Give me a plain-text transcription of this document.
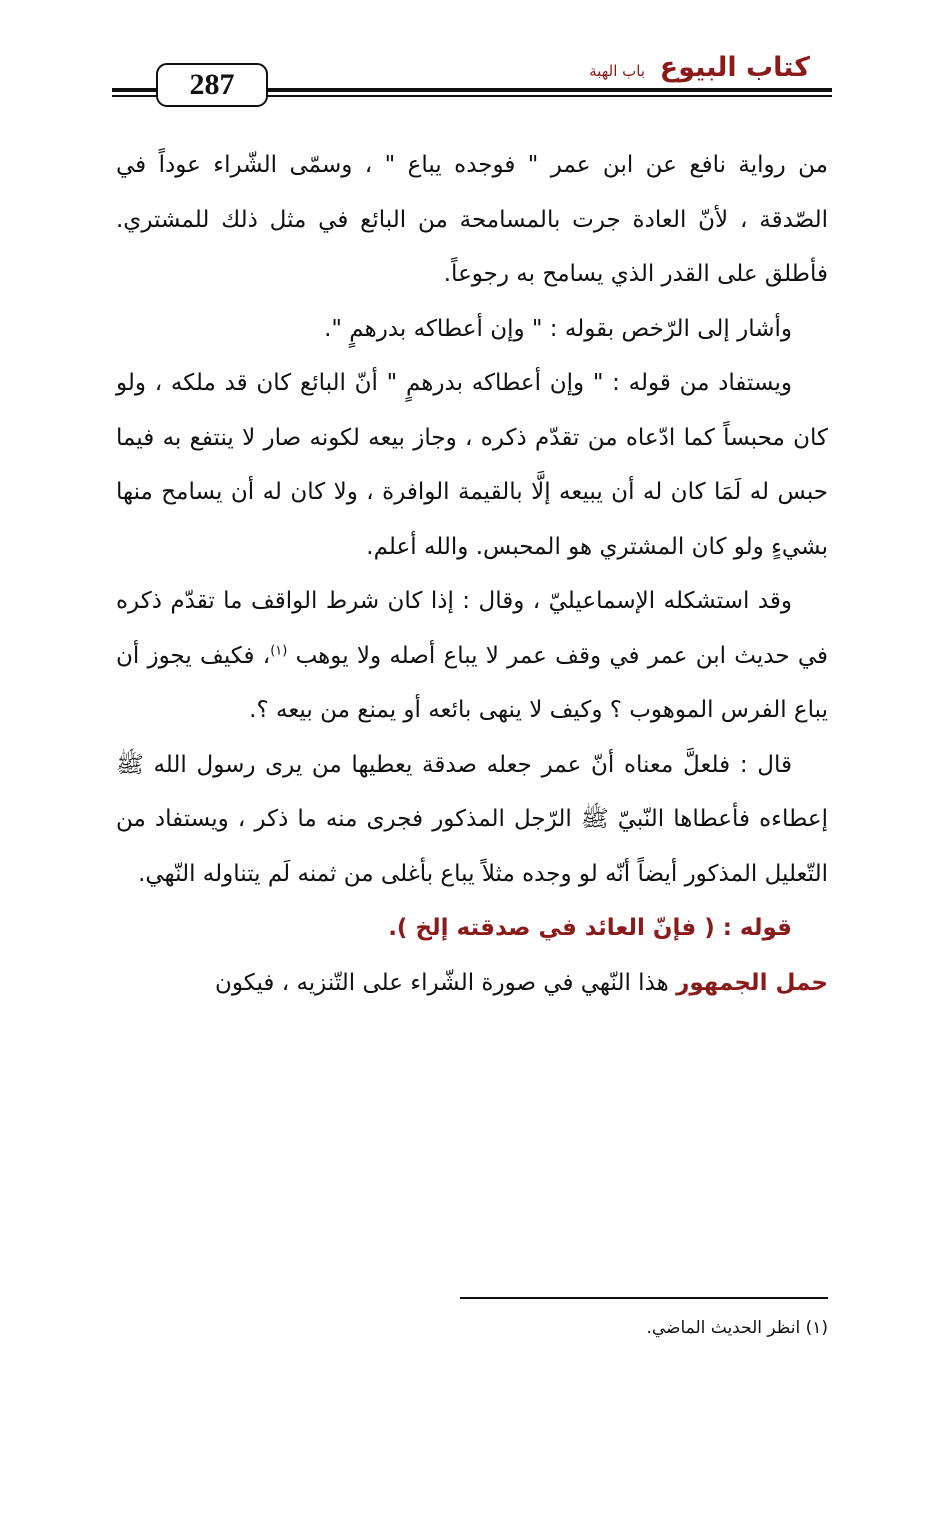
287
كتاب البيوع
باب الهبة

من رواية نافع عن ابن عمر " فوجده يباع " ، وسمّى الشّراء عوداً في الصّدقة ، لأنّ العادة جرت بالمسامحة من البائع في مثل ذلك للمشتري. فأطلق على القدر الذي يسامح به رجوعاً.

وأشار إلى الرّخص بقوله : " وإن أعطاكه بدرهمٍ ".

ويستفاد من قوله : " وإن أعطاكه بدرهمٍ " أنّ البائع كان قد ملكه ، ولو كان محبساً كما ادّعاه من تقدّم ذكره ، وجاز بيعه لكونه صار لا ينتفع به فيما حبس له لَمَا كان له أن يبيعه إلَّا بالقيمة الوافرة ، ولا كان له أن يسامح منها بشيءٍ ولو كان المشتري هو المحبس. والله أعلم.

وقد استشكله الإسماعيليّ ، وقال : إذا كان شرط الواقف ما تقدّم ذكره في حديث ابن عمر في وقف عمر لا يباع أصله ولا يوهب $^{(١)}$، فكيف يجوز أن يباع الفرس الموهوب ؟ وكيف لا ينهى بائعه أو يمنع من بيعه ؟.

قال : فلعلَّ معناه أنّ عمر جعله صدقة يعطيها من يرى رسول الله ﷺ إعطاءه فأعطاها النّبيّ ﷺ الرّجل المذكور فجرى منه ما ذكر ، ويستفاد من التّعليل المذكور أيضاً أنّه لو وجده مثلاً يباع بأغلى من ثمنه لَم يتناوله النّهي.

قوله : ( فإنّ العائد في صدقته إلخ ).

حمل الجمهور هذا النّهي في صورة الشّراء على التّنزيه ، فيكون

(١) انظر الحديث الماضي.
